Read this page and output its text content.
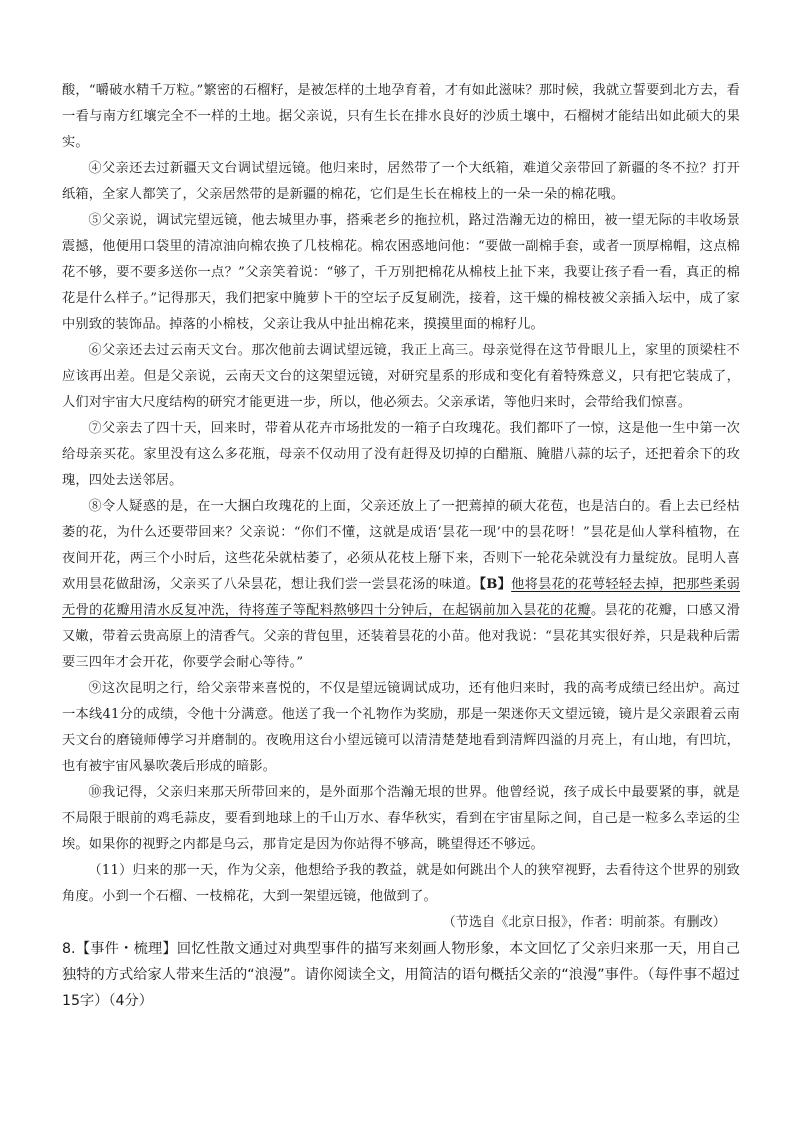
酸，“嚼破水精千万粒。”繁密的石榴籽，是被怎样的土地孕育着，才有如此滋味？那时候，我就立誓要到北方去，看一看与南方红壤完全不一样的土地。据父亲说，只有生长在排水良好的沙质土壤中，石榴树才能结出如此硕大的果实。

④父亲还去过新疆天文台调试望远镜。他归来时，居然带了一个大纸箱，难道父亲带回了新疆的冬不拉？打开纸箱，全家人都笑了，父亲居然带的是新疆的棉花，它们是生长在棉枝上的一朵一朵的棉花哦。

⑤父亲说，调试完望远镜，他去城里办事，搭乘老乡的拖拉机，路过浩瀚无边的棉田，被一望无际的丰收场景震撼，他便用口袋里的清凉油向棉农换了几枝棉花。棉农困惑地问他：“要做一副棉手套，或者一顶厚棉帽，这点棉花不够，要不要多送你一点？”父亲笑着说：“够了，千万别把棉花从棉枝上扯下来，我要让孩子看一看，真正的棉花是什么样子。”记得那天，我们把家中腌萝卜干的空坛子反复刷洗，接着，这干燥的棉枝被父亲插入坛中，成了家中别致的装饰品。掉落的小棉枝，父亲让我从中扯出棉花来，摸摸里面的棉籽儿。

⑥父亲还去过云南天文台。那次他前去调试望远镜，我正上高三。母亲觉得在这节骨眼儿上，家里的顶梁柱不应该再出差。但是父亲说，云南天文台的这架望远镜，对研究星系的形成和变化有着特殊意义，只有把它装成了，人们对宇宙大尺度结构的研究才能更进一步，所以，他必须去。父亲承诺，等他归来时，会带给我们惊喜。

⑦父亲去了四十天，回来时，带着从花卉市场批发的一箱子白玫瑰花。我们都吓了一惊，这是他一生中第一次给母亲买花。家里没有这么多花瓶，母亲不仅动用了没有赶得及切掉的白醋瓶、腌腊八蒜的坛子，还把着余下的玫瑰，四处去送邻居。

⑧令人疑惑的是，在一大捆白玫瑰花的上面，父亲还放上了一把蔫掉的硕大花苞，也是洁白的。看上去已经枯萎的花，为什么还要带回来？父亲说：“你们不懂，这就是成语‘昙花一现’中的昙花呀！”昙花是仙人掌科植物，在夜间开花，两三个小时后，这些花朵就枯萎了，必须从花枝上掰下来，否则下一轮花朵就没有力量绽放。昆明人喜欢用昙花做甜汤，父亲买了八朵昙花，想让我们尝一尝昙花汤的味道。【B】他将昙花的花萼轻轻去掉，把那些柔弱无骨的花瓣用清水反复冲洗，待将莲子等配料熬够四十分钟后，在起锅前加入昙花的花瓣。昙花的花瓣，口感又滑又嫩，带着云贵高原上的清香气。父亲的背包里，还装着昙花的小苗。他对我说：“昙花其实很好养，只是栽种后需要三四年才会开花，你要学会耐心等待。”

⑨这次昆明之行，给父亲带来喜悦的，不仅是望远镜调试成功，还有他归来时，我的高考成绩已经出炉。高过一本线41分的成绩，令他十分满意。他送了我一个礼物作为奖励，那是一架迷你天文望远镜，镜片是父亲跟着云南天文台的磨镜师傅学习并磨制的。夜晚用这台小望远镜可以清清楚楚地看到清辉四溢的月亮上，有山地，有凹坑，也有被宇宙风暴吹袭后形成的暗影。

⑩我记得，父亲归来那天所带回来的，是外面那个浩瀚无垠的世界。他曾经说，孩子成长中最要紧的事，就是不局限于眼前的鸡毛蒜皮，要看到地球上的千山万水、春华秋实，看到在宇宙星际之间，自己是一粒多么幸运的尘埃。如果你的视野之内都是乌云，那肯定是因为你站得不够高，眺望得还不够远。

（11）归来的那一天，作为父亲，他想给予我的教益，就是如何跳出个人的狭窄视野，去看待这个世界的别致角度。小到一个石榴、一枝棉花，大到一架望远镜，他做到了。

（节选自《北京日报》，作者：明前茶。有删改）

8.【事件・梳理】回忆性散文通过对典型事件的描写来刻画人物形象，本文回忆了父亲归来那一天，用自己独特的方式给家人带来生活的“浪漫”。请你阅读全文，用简洁的语句概括父亲的“浪漫”事件。（每件事不超过15字）（4分）
